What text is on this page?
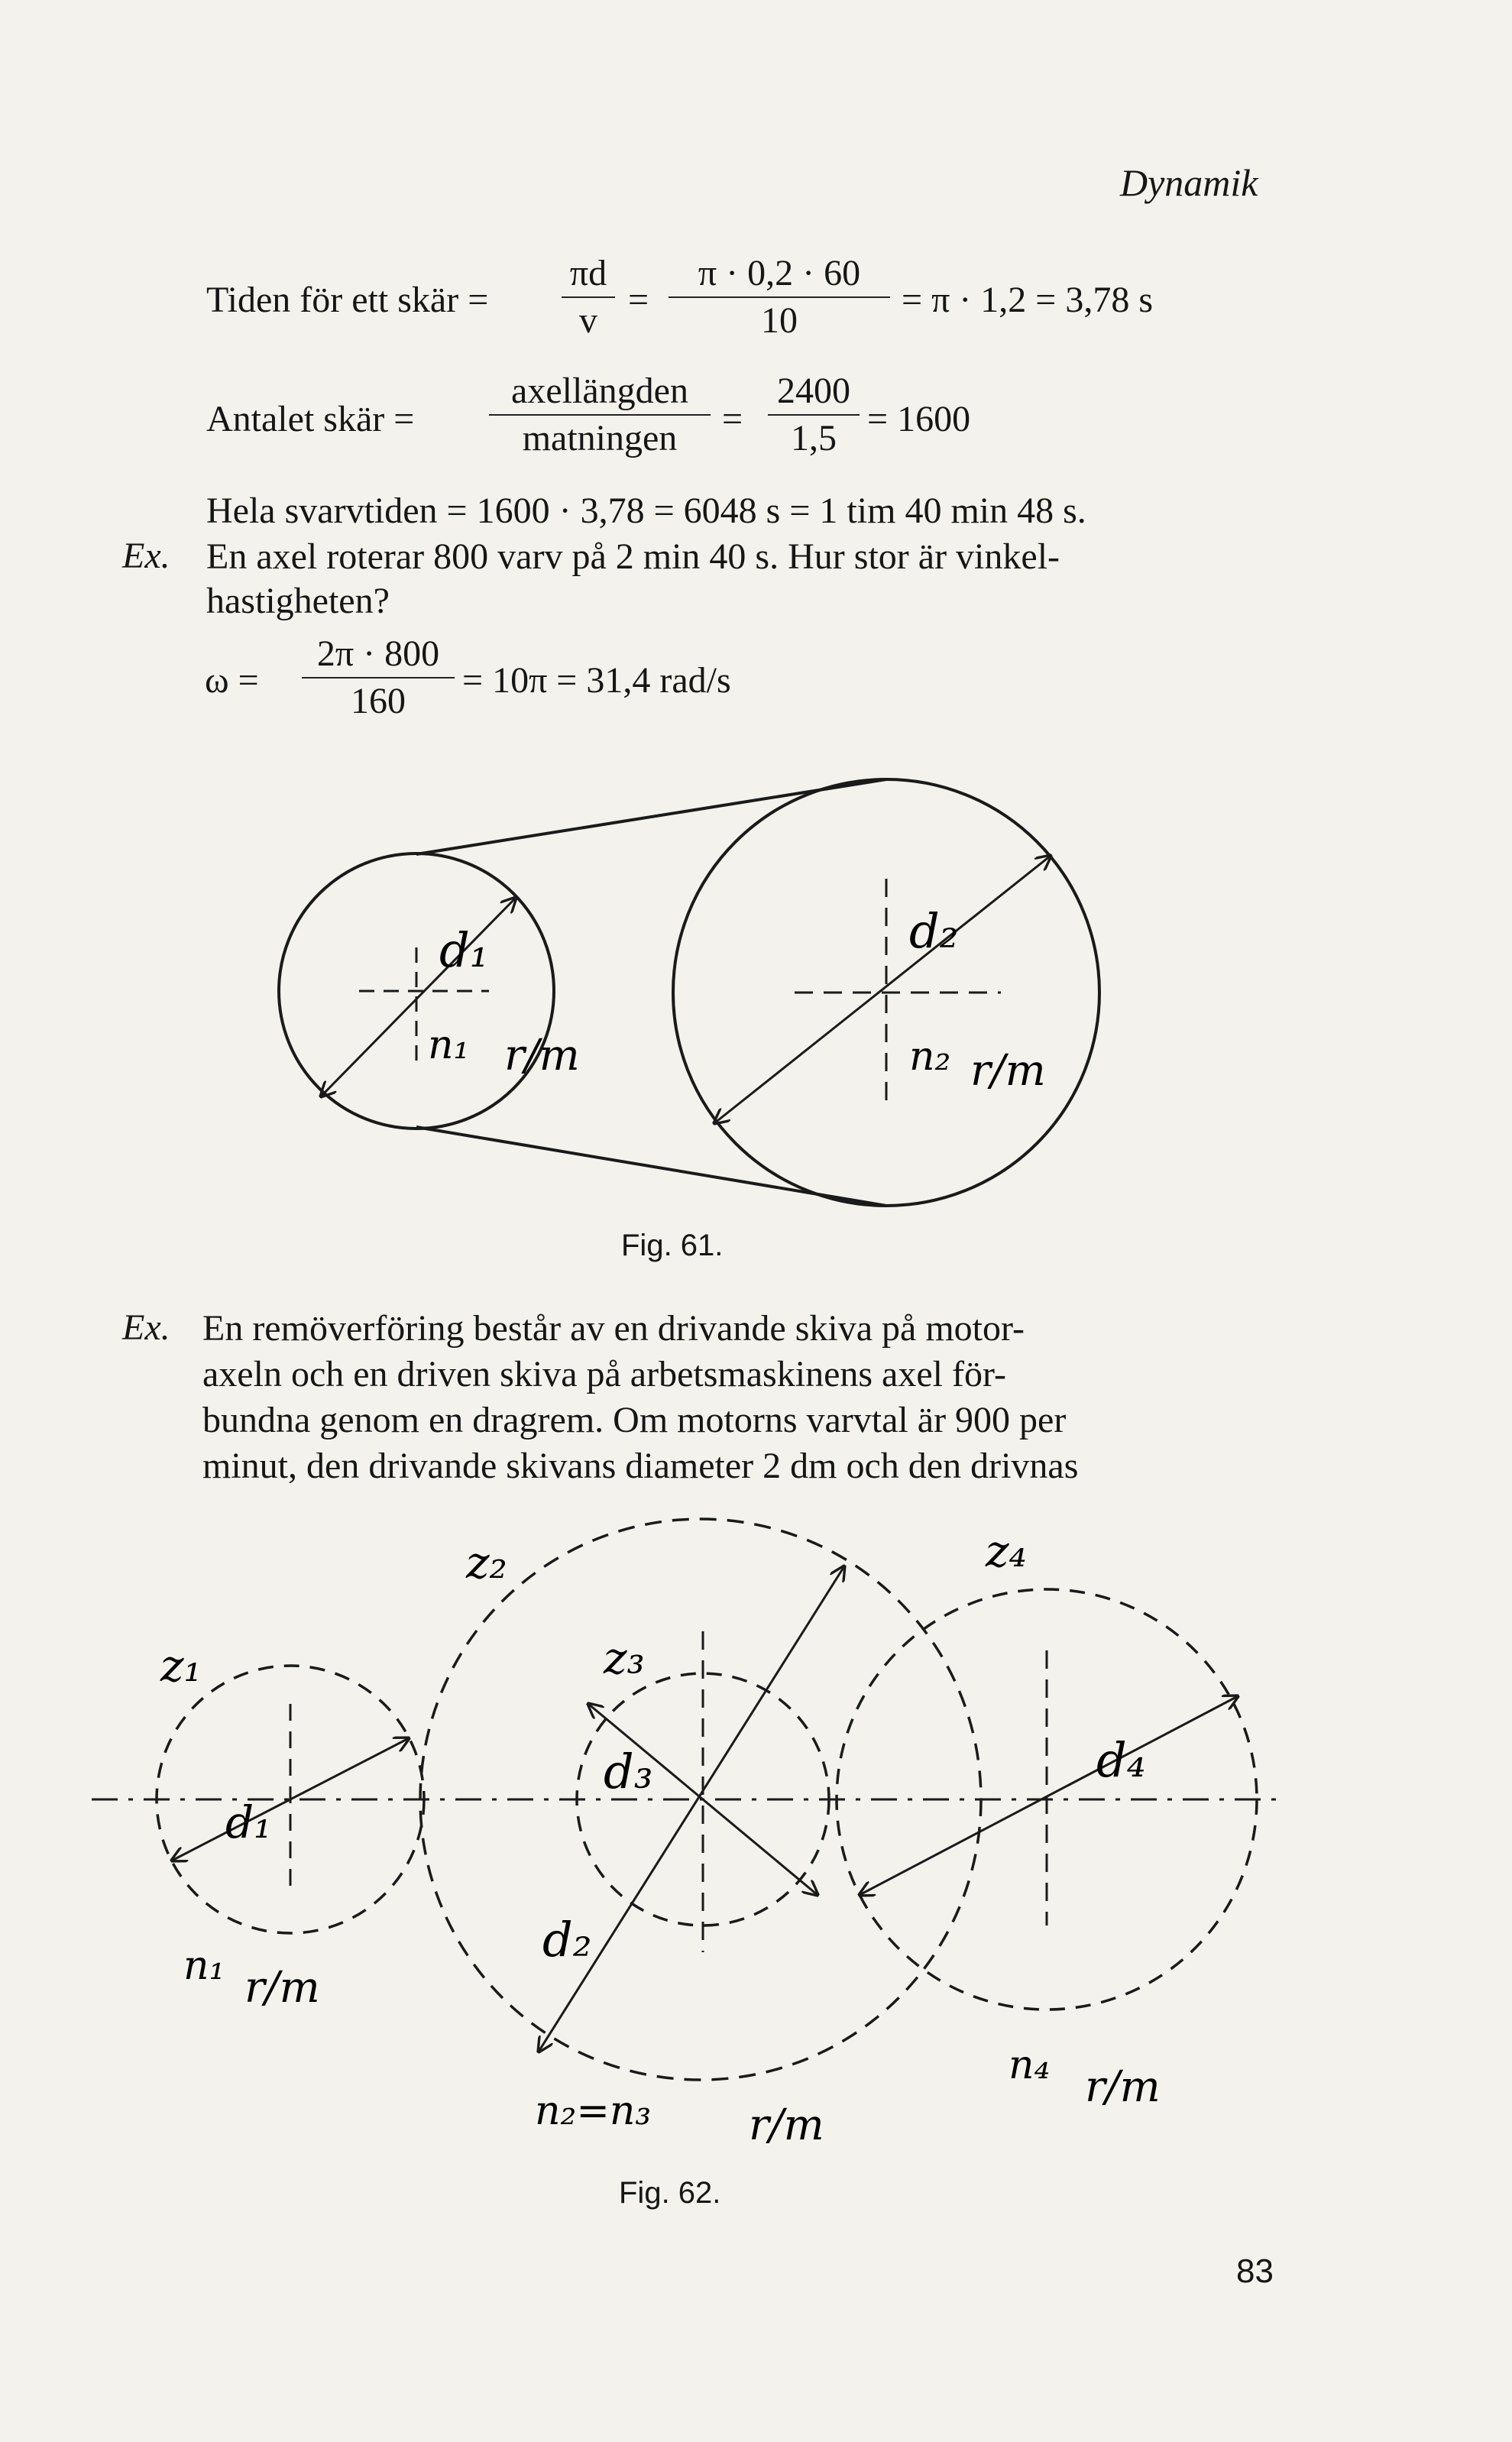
Dynamik
Tiden för ett skär =
πd
v
=
π · 0,2 · 60
10
= π · 1,2 = 3,78 s
Antalet skär =
axellängden
matningen	=
2400
1,5 = 1600
Hela svarvtiden = 1600 · 3,78 = 6048 s = 1 tim 40 min 48 s.
Ex. En axel roterar 800 varv på 2 min 40 s. Hur stor är vinkel-
hastigheten?
ω =
2π · 800
160
= 10π = 31,4 rad/s
d₁
n₁ r/m
d₂
n₂ r/m
Fig. 61.
Ex. En remöverföring består av en drivande skiva på motor-
axeln och en driven skiva på arbetsmaskinens axel för-
bundna genom en dragrem. Om motorns varvtal är 900 per
minut, den drivande skivans diameter 2 dm och den drivnas
z₁
d₁
n₁ r/m
z₂
d₂
z₃
d₃
n₂=n₃ r/m
z₄
d₄
n₄ r/m
Fig. 62.
83
